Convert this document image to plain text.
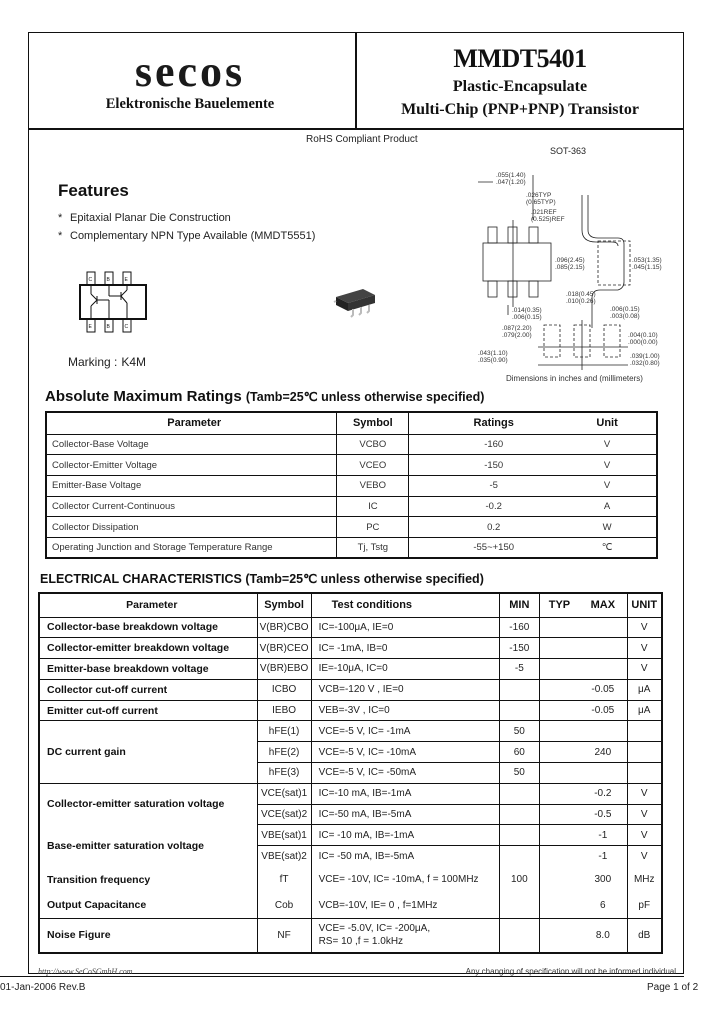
secos
Elektronische Bauelemente
MMDT5401
Plastic-Encapsulate
Multi-Chip (PNP+PNP) Transistor
RoHS Compliant Product
SOT-363
Features
* Epitaxial Planar Die Construction
* Complementary NPN Type Available (MMDT5551)
C	B	E
E	B	C
Marking : K4M
.055(1.40)
.047(1.20)
.026TYP
(0.65TYP)
.021REF
(0.525)REF
.096(2.45)
.085(2.15)
.053(1.35)
.045(1.15)
.018(0.45)
.010(0.26)
.014(0.35)
.006(0.15)
.006(0.15)
.003(0.08)
.087(2.20)
.079(2.00)	.004(0.10)
.000(0.00)
.043(1.10)
.035(0.90)
.039(1.00)
.032(0.80)
Dimensions in inches and (millimeters)
Absolute Maximum Ratings (Tamb=25℃ unless otherwise specified)
Parameter	Symbol	Ratings	Unit
Collector-Base Voltage	VCBO	-160	V
Collector-Emitter Voltage	VCEO	-150	V
Emitter-Base Voltage	VEBO	-5	V
Collector Current-Continuous	IC	-0.2	A
Collector Dissipation	PC	0.2	W
Operating Junction and Storage Temperature Range	Tj, Tstg	-55~+150	℃
ELECTRICAL CHARACTERISTICS (Tamb=25℃ unless otherwise specified)
Parameter	Symbol	Test conditions	MIN	TYP	MAX	UNIT
Collector-base breakdown voltage	V(BR)CBO	IC=-100μA, IE=0	-160			V
Collector-emitter breakdown voltage	V(BR)CEO	IC= -1mA, IB=0	-150			V
Emitter-base breakdown voltage	V(BR)EBO	IE=-10μA, IC=0	-5			V
Collector cut-off current	ICBO	VCB=-120 V , IE=0			-0.05	μA
Emitter cut-off current	IEBO	VEB=-3V , IC=0			-0.05	μA
DC current gain	hFE(1)	VCE=-5 V, IC= -1mA	50			
	hFE(2)	VCE=-5 V, IC= -10mA	60		240	
	hFE(3)	VCE=-5 V, IC= -50mA	50			
Collector-emitter saturation voltage	VCE(sat)1	IC=-10 mA, IB=-1mA			-0.2	V
	VCE(sat)2	IC=-50 mA, IB=-5mA			-0.5	V
Base-emitter saturation voltage	VBE(sat)1	IC= -10 mA, IB=-1mA			-1	V
	VBE(sat)2	IC= -50 mA, IB=-5mA			-1	V
Transition frequency	fT	VCE= -10V, IC= -10mA, f = 100MHz	100		300	MHz
Output Capacitance	Cob	VCB=-10V, IE= 0 , f=1MHz			6	pF
Noise Figure	NF	VCE= -5.0V, IC= -200μA,
RS= 10 ,f = 1.0kHz			8.0	dB
http://www.SeCoSGmbH.com	Any changing of specification will not be informed individual
01-Jan-2006 Rev.B	Page 1 of 2
